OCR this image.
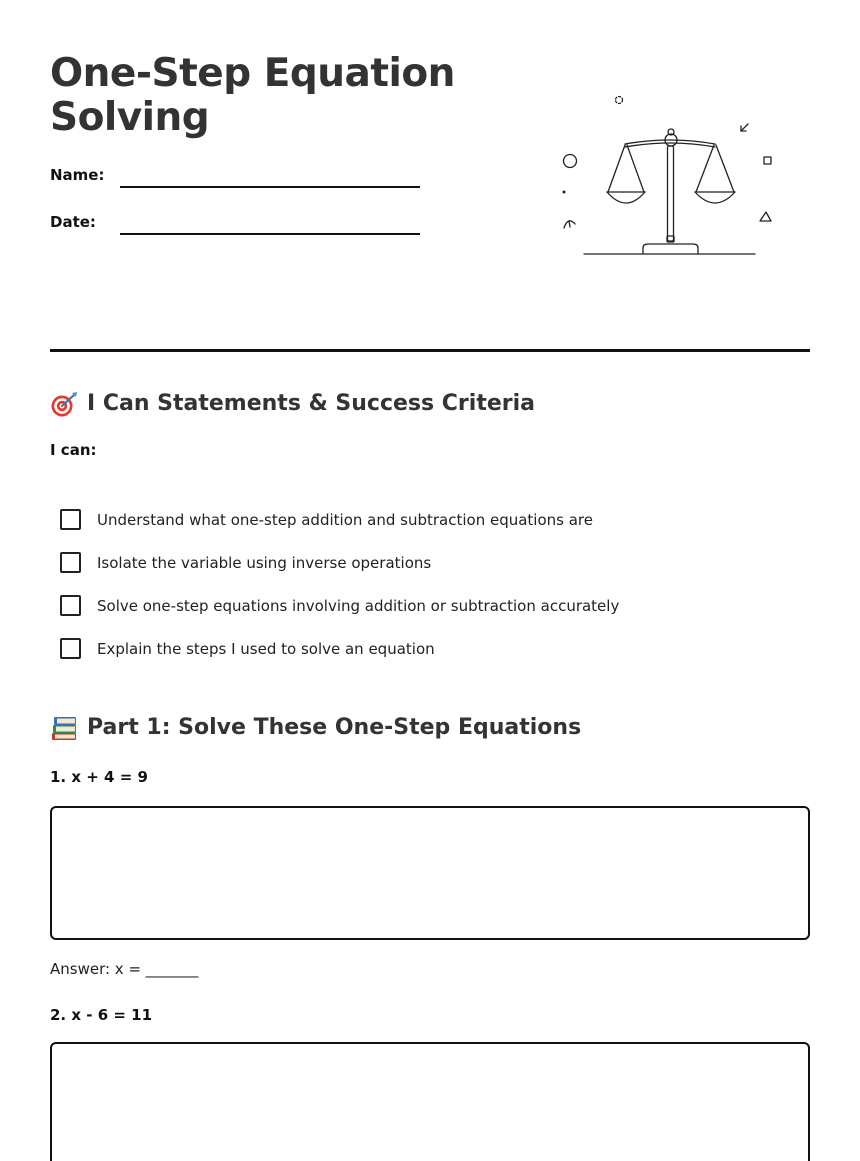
One-Step Equation Solving
Name:
Date:
I Can Statements & Success Criteria
I can:
Understand what one-step addition and subtraction equations are
Isolate the variable using inverse operations
Solve one-step equations involving addition or subtraction accurately
Explain the steps I used to solve an equation
Part 1: Solve These One-Step Equations
1. x + 4 = 9
Answer: x = _______
2. x - 6 = 11
